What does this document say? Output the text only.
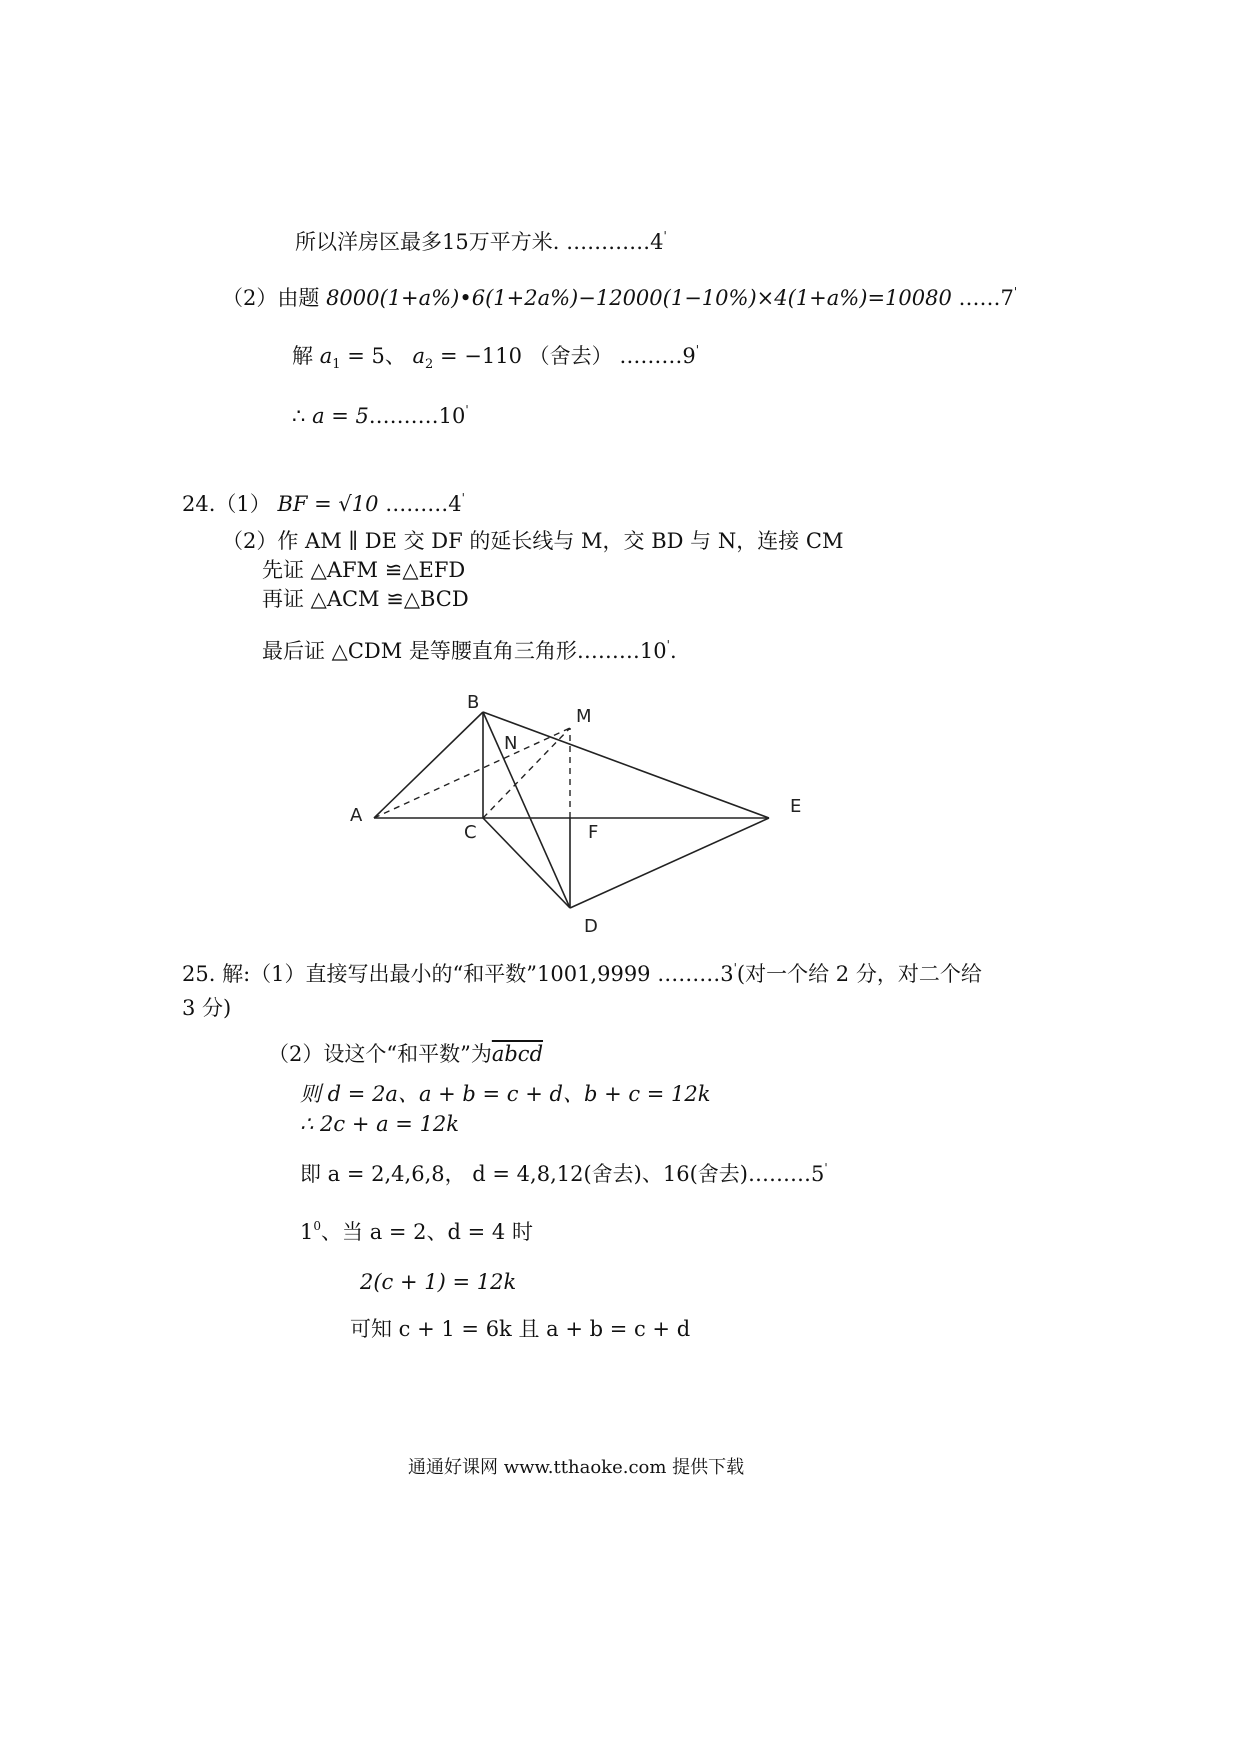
所以洋房区最多15万平方米. …………4'
（2）由题 8000(1+a%)•6(1+2a%)−12000(1−10%)×4(1+a%)=10080 ……7'
解 $a_1 = 5$、 $a_2 = -110$ （舍去） ………9'
∴ a = 5.………10'
24.（1） BF = √10 ………4'
（2）作 AM ∥ DE 交 DF 的延长线与 M，交 BD 与 N，连接 CM
先证 △AFM ≌△EFD
再证 △ACM ≌△BCD
最后证 △CDM 是等腰直角三角形………10'.
A
B
C
D
E
F
M
N
25. 解:（1）直接写出最小的“和平数”1001,9999 ………3'(对一个给 2 分，对二个给
3 分)
（2）设这个“和平数”为abcd
则 d = 2a、a + b = c + d、b + c = 12k
∴ 2c + a = 12k
即 a = 2,4,6,8， d = 4,8,12(舍去)、16(舍去)………5'
$1^0$、当 a = 2、d = 4 时
2(c + 1) = 12k
可知 c + 1 = 6k 且 a + b = c + d
通通好课网 www.tthaoke.com 提供下载
